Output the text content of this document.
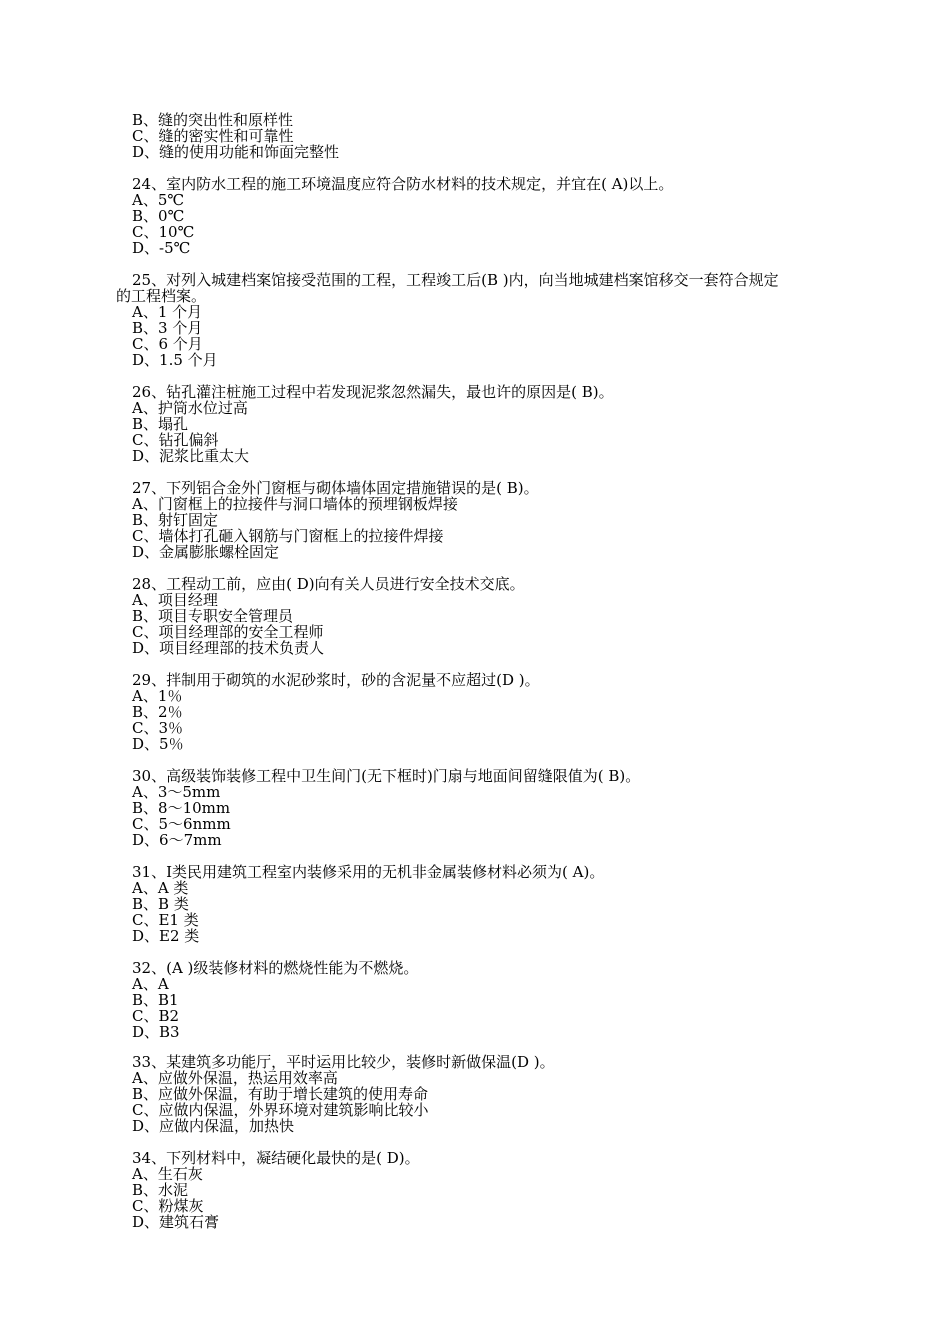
B、缝的突出性和原样性
C、缝的密实性和可靠性
D、缝的使用功能和饰面完整性
24、室内防水工程的施工环境温度应符合防水材料的技术规定，并宜在( A)以上。
A、5℃
B、0℃
C、10℃
D、-5℃
25、对列入城建档案馆接受范围的工程，工程竣工后(B )内，向当地城建档案馆移交一套符合规定
的工程档案。
A、1 个月
B、3 个月
C、6 个月
D、1.5 个月
26、钻孔灌注桩施工过程中若发现泥浆忽然漏失，最也许的原因是( B)。
A、护筒水位过高
B、塌孔
C、钻孔偏斜
D、泥浆比重太大
27、下列铝合金外门窗框与砌体墙体固定措施错误的是( B)。
A、门窗框上的拉接件与洞口墙体的预埋钢板焊接
B、射钉固定
C、墙体打孔砸入钢筋与门窗框上的拉接件焊接
D、金属膨胀螺栓固定
28、工程动工前，应由( D)向有关人员进行安全技术交底。
A、项目经理
B、项目专职安全管理员
C、项目经理部的安全工程师
D、项目经理部的技术负责人
29、拌制用于砌筑的水泥砂浆时，砂的含泥量不应超过(D )。
A、1％
B、2％
C、3％
D、5％
30、高级装饰装修工程中卫生间门(无下框时)门扇与地面间留缝限值为( B)。
A、3～5mm
B、8～10mm
C、5～6nmm
D、6～7mm
31、Ⅰ类民用建筑工程室内装修采用的无机非金属装修材料必须为( A)。
A、A 类
B、B 类
C、E1 类
D、E2 类
32、(A )级装修材料的燃烧性能为不燃烧。
A、A
B、B1
C、B2
D、B3
33、某建筑多功能厅，平时运用比较少，装修时新做保温(D )。
A、应做外保温，热运用效率高
B、应做外保温，有助于增长建筑的使用寿命
C、应做内保温，外界环境对建筑影响比较小
D、应做内保温，加热快
34、下列材料中，凝结硬化最快的是( D)。
A、生石灰
B、水泥
C、粉煤灰
D、建筑石膏
